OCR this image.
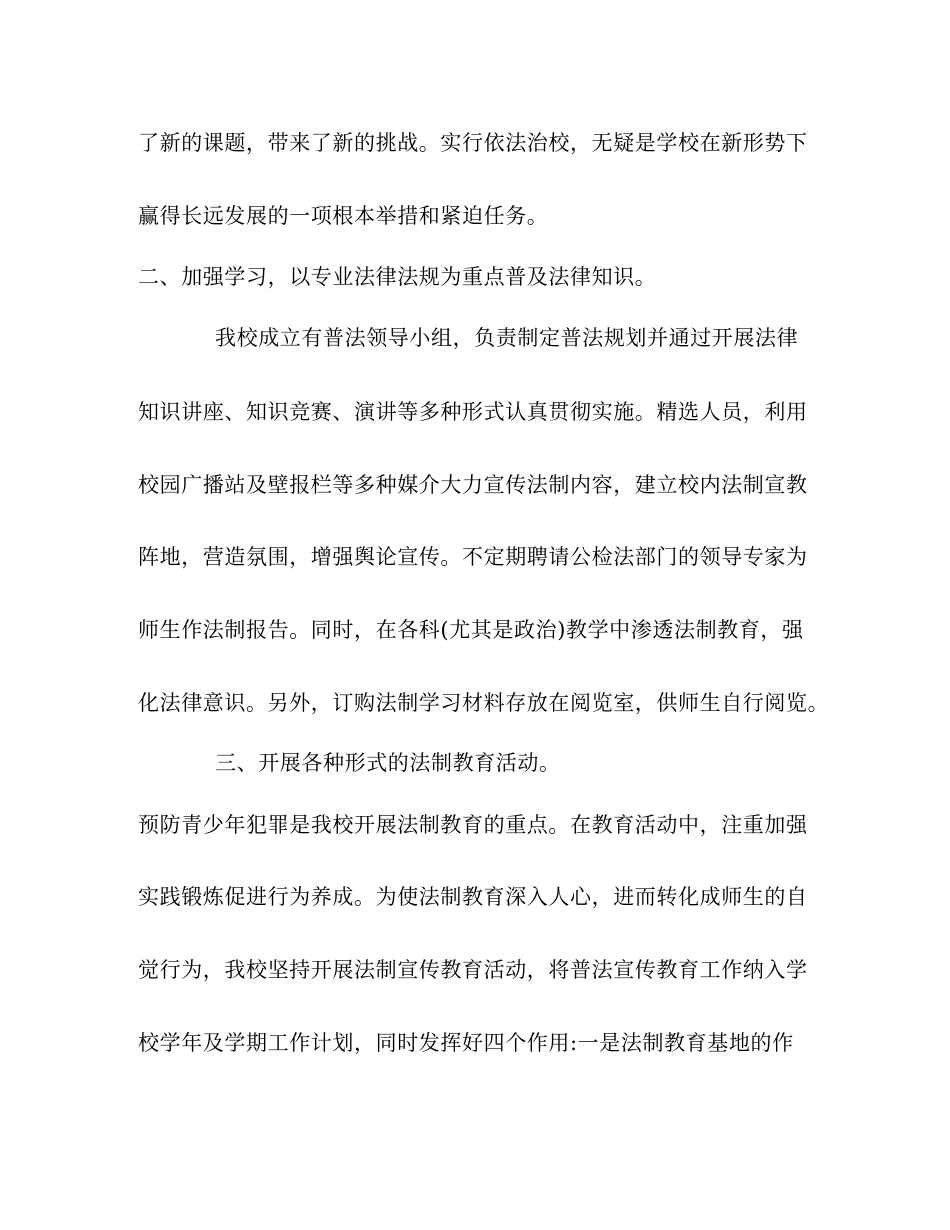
了新的课题，带来了新的挑战。实行依法治校，无疑是学校在新形势下
赢得长远发展的一项根本举措和紧迫任务。
二、加强学习，以专业法律法规为重点普及法律知识。
我校成立有普法领导小组，负责制定普法规划并通过开展法律
知识讲座、知识竞赛、演讲等多种形式认真贯彻实施。精选人员，利用
校园广播站及壁报栏等多种媒介大力宣传法制内容，建立校内法制宣教
阵地，营造氛围，增强舆论宣传。不定期聘请公检法部门的领导专家为
师生作法制报告。同时，在各科(尤其是政治)教学中渗透法制教育，强
化法律意识。另外，订购法制学习材料存放在阅览室，供师生自行阅览。
三、开展各种形式的法制教育活动。
预防青少年犯罪是我校开展法制教育的重点。在教育活动中，注重加强
实践锻炼促进行为养成。为使法制教育深入人心，进而转化成师生的自
觉行为，我校坚持开展法制宣传教育活动，将普法宣传教育工作纳入学
校学年及学期工作计划，同时发挥好四个作用:一是法制教育基地的作
